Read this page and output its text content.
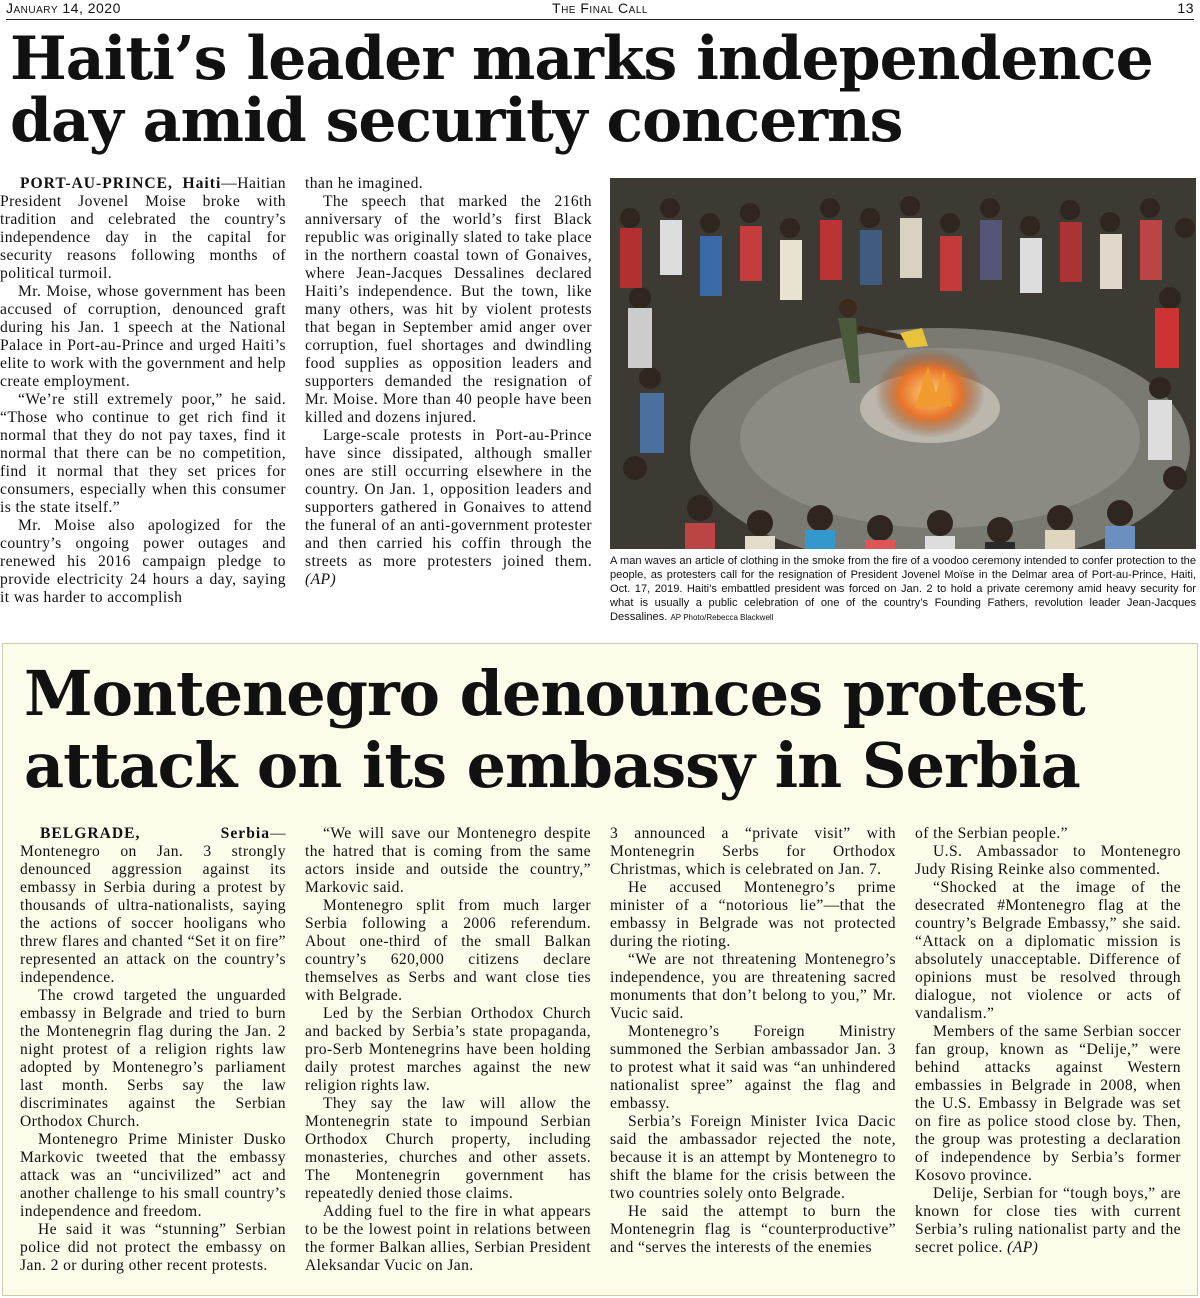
January 14, 2020	The Final Call	13
Haiti’s leader marks independence
day amid security concerns

PORT-AU-PRINCE, Haiti—Haitian President Jovenel Moise broke with tradition and celebrated the country’s independence day in the capital for security reasons following months of political turmoil.

Mr. Moise, whose government has been accused of corruption, denounced graft during his Jan. 1 speech at the National Palace in Port-au-Prince and urged Haiti’s elite to work with the government and help create employment.

“We’re still extremely poor,” he said. “Those who continue to get rich find it normal that they do not pay taxes, find it normal that there can be no competition, find it normal that they set prices for consumers, especially when this consumer is the state itself.”

Mr. Moise also apologized for the country’s ongoing power outages and renewed his 2016 campaign pledge to provide electricity 24 hours a day, saying it was harder to accomplish

than he imagined.

The speech that marked the 216th anniversary of the world’s first Black republic was originally slated to take place in the northern coastal town of Gonaives, where Jean-Jacques Dessalines declared Haiti’s independence. But the town, like many others, was hit by violent protests that began in September amid anger over corruption, fuel shortages and dwindling food supplies as opposition leaders and supporters demanded the resignation of Mr. Moise. More than 40 people have been killed and dozens injured.

Large-scale protests in Port-au-Prince have since dissipated, although smaller ones are still occurring elsewhere in the country. On Jan. 1, opposition leaders and supporters gathered in Gonaives to attend the funeral of an anti-government protester and then carried his coffin through the streets as more protesters joined them. (AP)

A man waves an article of clothing in the smoke from the fire of a voodoo ceremony intended to confer protection to the people, as protesters call for the resignation of President Jovenel Moïse in the Delmar area of Port-au-Prince, Haiti, Oct. 17, 2019. Haiti’s embattled president was forced on Jan. 2 to hold a private ceremony amid heavy security for what is usually a public celebration of one of the country’s Founding Fathers, revolution leader Jean-Jacques Dessalines. AP Photo/Rebecca Blackwell
Montenegro denounces protest
attack on its embassy in Serbia

BELGRADE, Serbia—Montenegro on Jan. 3 strongly denounced aggression against its embassy in Serbia during a protest by thousands of ultra-nationalists, saying the actions of soccer hooligans who threw flares and chanted “Set it on fire” represented an attack on the country’s independence.

The crowd targeted the unguarded embassy in Belgrade and tried to burn the Montenegrin flag during the Jan. 2 night protest of a religion rights law adopted by Montenegro’s parliament last month. Serbs say the law discriminates against the Serbian Orthodox Church.

Montenegro Prime Minister Dusko Markovic tweeted that the embassy attack was an “uncivilized” act and another challenge to his small country’s independence and freedom.

He said it was “stunning” Serbian police did not protect the embassy on Jan. 2 or during other recent protests.

“We will save our Montenegro despite the hatred that is coming from the same actors inside and outside the country,” Markovic said.

Montenegro split from much larger Serbia following a 2006 referendum. About one-third of the small Balkan country’s 620,000 citizens declare themselves as Serbs and want close ties with Belgrade.

Led by the Serbian Orthodox Church and backed by Serbia’s state propaganda, pro-Serb Montenegrins have been holding daily protest marches against the new religion rights law.

They say the law will allow the Montenegrin state to impound Serbian Orthodox Church property, including monasteries, churches and other assets. The Montenegrin government has repeatedly denied those claims.

Adding fuel to the fire in what appears to be the lowest point in relations between the former Balkan allies, Serbian President Aleksandar Vucic on Jan.

3 announced a “private visit” with Montenegrin Serbs for Orthodox Christmas, which is celebrated on Jan. 7.

He accused Montenegro’s prime minister of a “notorious lie”—that the embassy in Belgrade was not protected during the rioting.

“We are not threatening Montenegro’s independence, you are threatening sacred monuments that don’t belong to you,” Mr. Vucic said.

Montenegro’s Foreign Ministry summoned the Serbian ambassador Jan. 3 to protest what it said was “an unhindered nationalist spree” against the flag and embassy.

Serbia’s Foreign Minister Ivica Dacic said the ambassador rejected the note, because it is an attempt by Montenegro to shift the blame for the crisis between the two countries solely onto Belgrade.

He said the attempt to burn the Montenegrin flag is “counterproductive” and “serves the interests of the enemies

of the Serbian people.”

U.S. Ambassador to Montenegro Judy Rising Reinke also commented.

“Shocked at the image of the desecrated #Montenegro flag at the country’s Belgrade Embassy,” she said. “Attack on a diplomatic mission is absolutely unacceptable. Difference of opinions must be resolved through dialogue, not violence or acts of vandalism.”

Members of the same Serbian soccer fan group, known as “Delije,” were behind attacks against Western embassies in Belgrade in 2008, when the U.S. Embassy in Belgrade was set on fire as police stood close by. Then, the group was protesting a declaration of independence by Serbia’s former Kosovo province.

Delije, Serbian for “tough boys,” are known for close ties with current Serbia’s ruling nationalist party and the secret police. (AP)
